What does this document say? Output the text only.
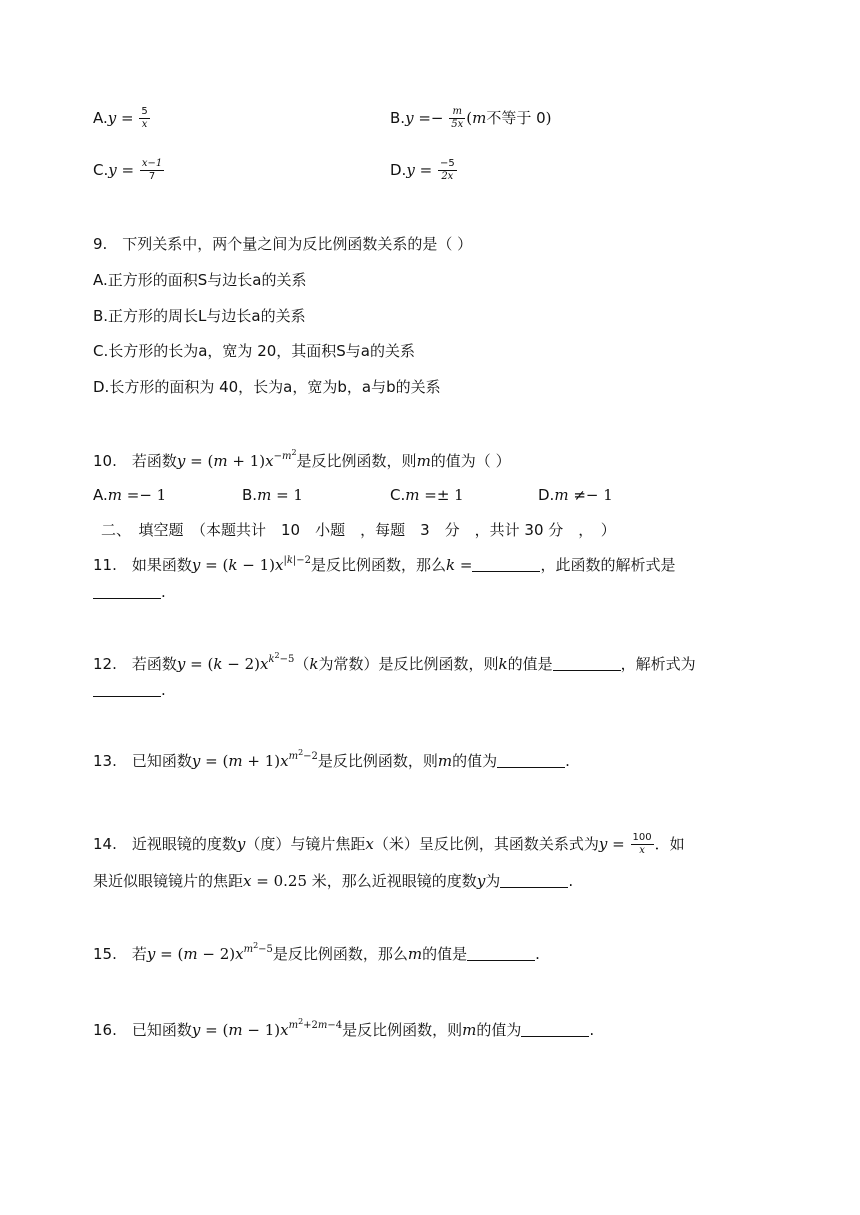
$A.y = \frac{5}{x}$	$B.y =- \frac{m}{5x} (m$不等于 0)
$C.y = \frac{x-1}{7}$	$D.y = \frac{-5}{2x}$
9.　下列关系中，两个量之间为反比例函数关系的是（ ）
A.正方形的面积S与边长a的关系
B.正方形的周长L与边长a的关系
C.长方形的长为a，宽为 20，其面积S与a的关系
D.长方形的面积为 40，长为a，宽为b，a与b的关系
10.　 若函数$y = (m + 1)x^{-m^2}$是反比例函数，则m的值为（ ）
A.m =− 1	B.m = 1	C.m =± 1	D.m ≠− 1
二、　填空题　（本题共计　10　小题　，每题　3　分　，共计 30 分　，　）
11.　 如果函数$y = (k - 1)x^{|k|-2}$是反比例函数，那么k =	，此函数的解析式是
.
12.　 若函数$y = (k - 2)x^{k^2-5}(k$为常数）是反比例函数，则k的值是	，解析式为
.
13.　 已知函数$y = (m + 1)x^{m^2-2}$是反比例函数，则m的值为	.
14.　 近视眼镜的度数y（度）与镜片焦距x（米）呈反比例，其函数关系式为$y = \frac{100}{x}$ ．如
果近似眼镜镜片的焦距x = 0.25 米，那么近视眼镜的度数y为	.
15.　 若$y = (m - 2)x^{m^2-5}$是反比例函数，那么m的值是	.
16.　 已知函数$y = (m - 1)x^{m^2+2m-4}$是反比例函数，则m的值为	.
